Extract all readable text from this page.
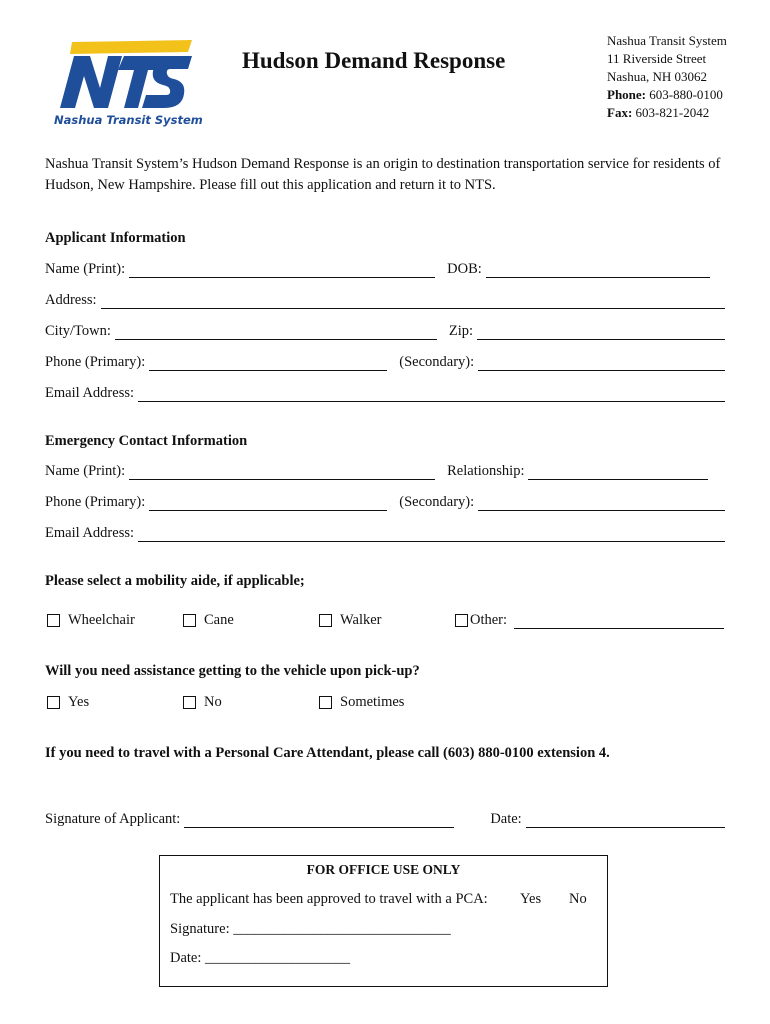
Nashua Transit System
Hudson Demand Response
Nashua Transit System
11 Riverside Street
Nashua, NH 03062
Phone: 603-880-0100
Fax: 603-821-2042
Nashua Transit System’s Hudson Demand Response is an origin to destination transportation service for residents of Hudson, New Hampshire. Please fill out this application and return it to NTS.
Applicant Information
Name (Print):	DOB:
Address:
City/Town:	Zip:
Phone (Primary):	(Secondary):
Email Address:
Emergency Contact Information
Name (Print):	Relationship:
Phone (Primary):	(Secondary):
Email Address:
Please select a mobility aide, if applicable;
Wheelchair	Cane	Walker	Other:
Will you need assistance getting to the vehicle upon pick-up?
Yes	No	Sometimes
If you need to travel with a Personal Care Attendant, please call (603) 880-0100 extension 4.
Signature of Applicant:	Date:
FOR OFFICE USE ONLY
The applicant has been approved to travel with a PCA: Yes No
Signature: ______________________________
Date: ____________________
